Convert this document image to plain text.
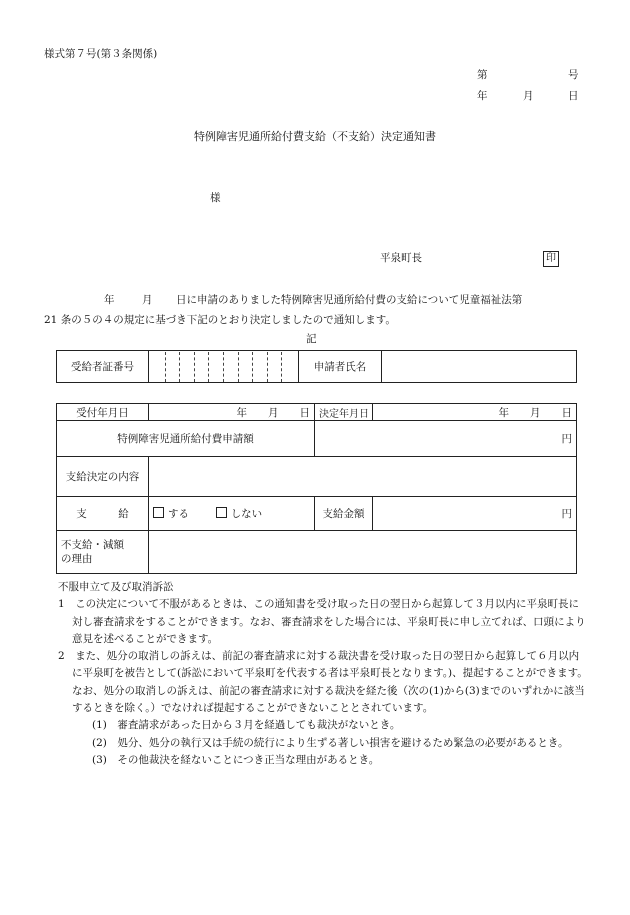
様式第７号(第３条関係)
第	号
年	月	日
特例障害児通所給付費支給（不支給）決定通知書
様
平泉町長	印
年	月 日に申請のありました特例障害児通所給付費の支給について児童福祉法第
21 条の５の４の規定に基づき下記のとおり決定しましたので通知します。
記
受給者証番号		申請者氏名	
受付年月日	年　　月　　日	決定年月日	年　　月　　日
特例障害児通所給付費申請額		円	
支給決定の内容			
支　　　給	する しない	支給金額	円

不支給・減額
の理由			

不服申立て及び取消訴訟

1　 この決定について不服があるときは、この通知書を受け取った日の翌日から起算して３月以内に平泉町長に対し審査請求をすることができます。なお、審査請求をした場合には、平泉町長に申し立てれば、口頭により意見を述べることができます。

2　 また、処分の取消しの訴えは、前記の審査請求に対する裁決書を受け取った日の翌日から起算して６月以内に平泉町を被告として(訴訟において平泉町を代表する者は平泉町長となります。)、提起することができます。なお、処分の取消しの訴えは、前記の審査請求に対する裁決を経た後（次の(1)から(3)までのいずれかに該当するときを除く。）でなければ提起することができないこととされています。

(1)　 審査請求があった日から３月を経過しても裁決がないとき。

(2)　 処分、処分の執行又は手続の続行により生ずる著しい損害を避けるため緊急の必要があるとき。

(3)　 その他裁決を経ないことにつき正当な理由があるとき。
